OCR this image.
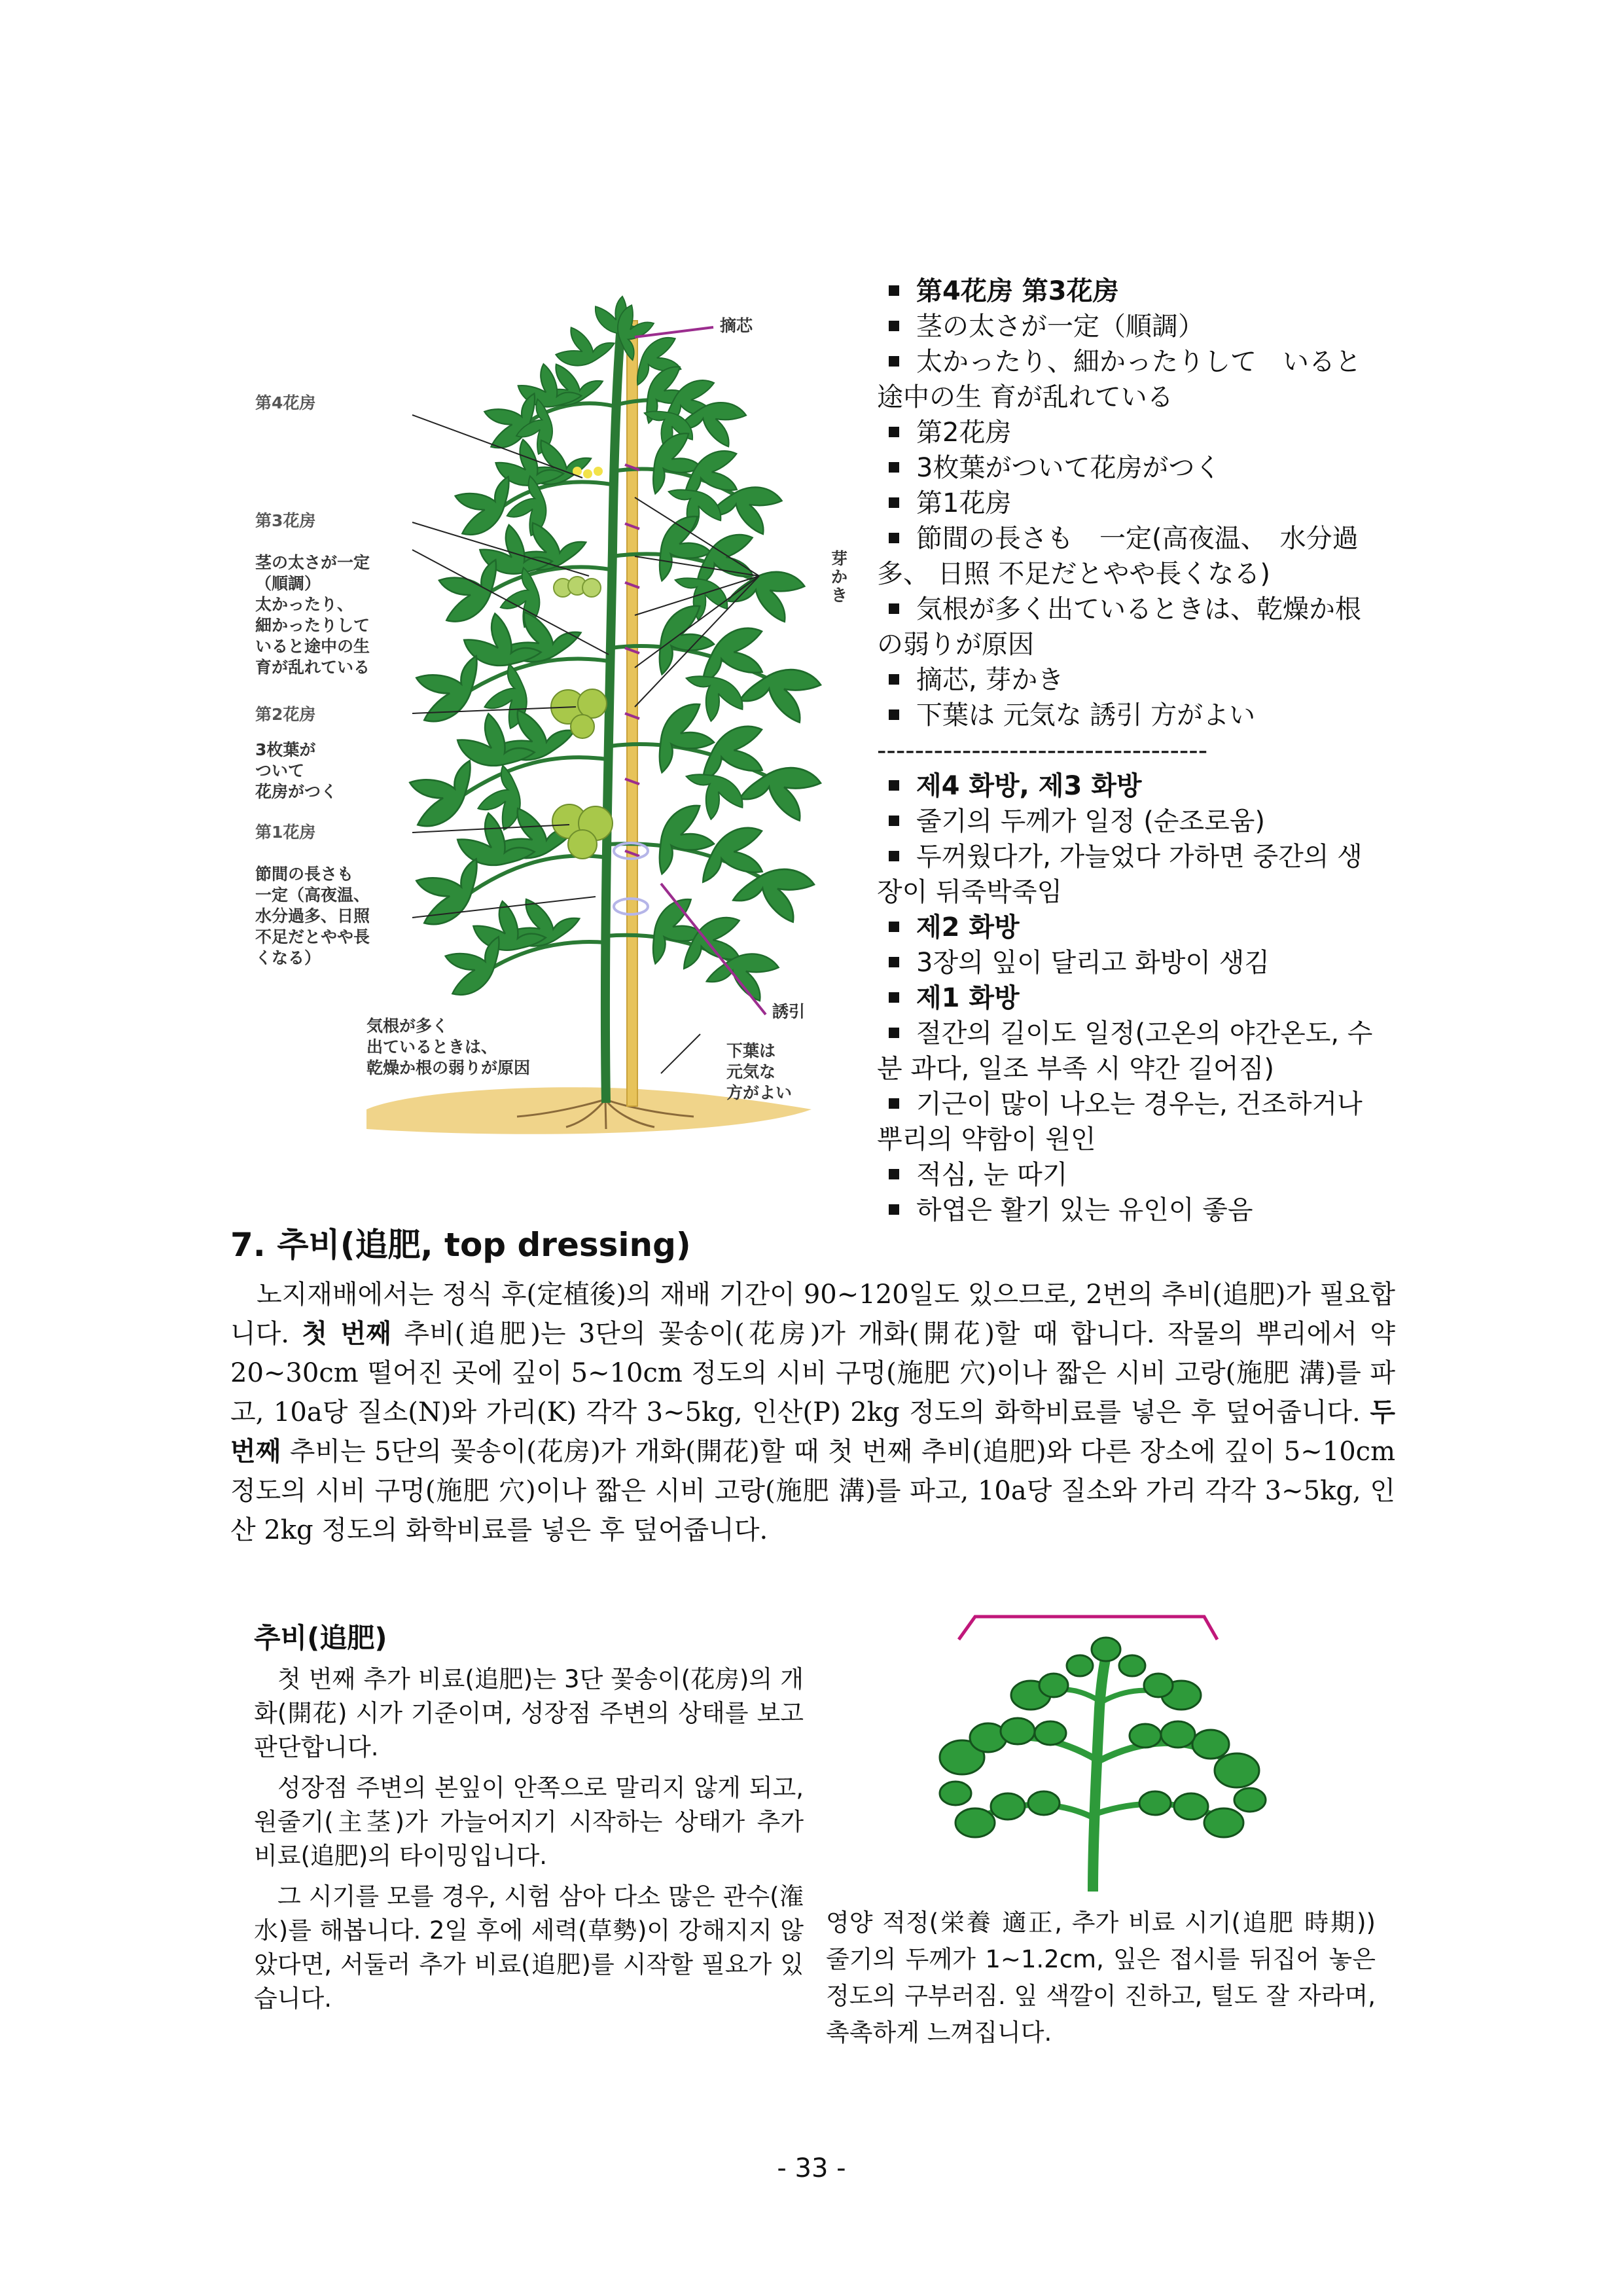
摘芯
第4花房
第3花房
茎の太さが一定
（順調）
太かったり、
細かったりして
いると途中の生
育が乱れている
第2花房
3枚葉が
ついて
花房がつく
第1花房
節間の長さも
一定（高夜温、
水分過多、日照
不足だとやや長
くなる）
気根が多く
出ているときは、
乾燥か根の弱りが原因
誘引
下葉は
元気な
方がよい
芽
か
き
第4花房 第3花房
茎の太さが一定（順調）
太かったり、細かったりして　いると途中の生 育が乱れている
第2花房
3枚葉がついて花房がつく
第1花房
節間の長さも　一定(高夜温、　水分過多、 日照 不足だとやや長くなる)
気根が多く出ているときは、乾燥か根の弱りが原因
摘芯, 芽かき
下葉は 元気な 誘引 方がよい
-----------------------------------
제4 화방, 제3 화방
줄기의 두께가 일정 (순조로움)
두꺼웠다가, 가늘었다 가하면 중간의 생장이 뒤죽박죽임
제2 화방
3장의 잎이 달리고 화방이 생김
제1 화방
절간의 길이도 일정(고온의 야간온도, 수분 과다, 일조 부족 시 약간 길어짐)
기근이 많이 나오는 경우는, 건조하거나 뿌리의 약함이 원인
적심, 눈 따기
하엽은 활기 있는 유인이 좋음
7. 추비(追肥, top dressing)
노지재배에서는 정식 후(定植後)의 재배 기간이 90~120일도 있으므로, 2번의 추비(追肥)가 필요합니다. 첫 번째 추비(追肥)는 3단의 꽃송이(花房)가 개화(開花)할 때 합니다. 작물의 뿌리에서 약 20~30cm 떨어진 곳에 깊이 5~10cm 정도의 시비 구멍(施肥 穴)이나 짧은 시비 고랑(施肥 溝)를 파고, 10a당 질소(N)와 가리(K) 각각 3~5kg, 인산(P) 2kg 정도의 화학비료를 넣은 후 덮어줍니다. 두 번째 추비는 5단의 꽃송이(花房)가 개화(開花)할 때 첫 번째 추비(追肥)와 다른 장소에 깊이 5~10cm 정도의 시비 구멍(施肥 穴)이나 짧은 시비 고랑(施肥 溝)를 파고, 10a당 질소와 가리 각각 3~5kg, 인산 2kg 정도의 화학비료를 넣은 후 덮어줍니다.
추비(追肥)
첫 번째 추가 비료(追肥)는 3단 꽃송이(花房)의 개화(開花) 시가 기준이며, 성장점 주변의 상태를 보고 판단합니다.
성장점 주변의 본잎이 안쪽으로 말리지 않게 되고, 원줄기(主茎)가 가늘어지기 시작하는 상태가 추가 비료(追肥)의 타이밍입니다.
그 시기를 모를 경우, 시험 삼아 다소 많은 관수(潅水)를 해봅니다. 2일 후에 세력(草勢)이 강해지지 않았다면, 서둘러 추가 비료(追肥)를 시작할 필요가 있습니다.
영양 적정(栄養 適正, 추가 비료 시기(追肥 時期)) 줄기의 두께가 1~1.2cm, 잎은 접시를 뒤집어 놓은 정도의 구부러짐. 잎 색깔이 진하고, 털도 잘 자라며, 촉촉하게 느껴집니다.
- 33 -
